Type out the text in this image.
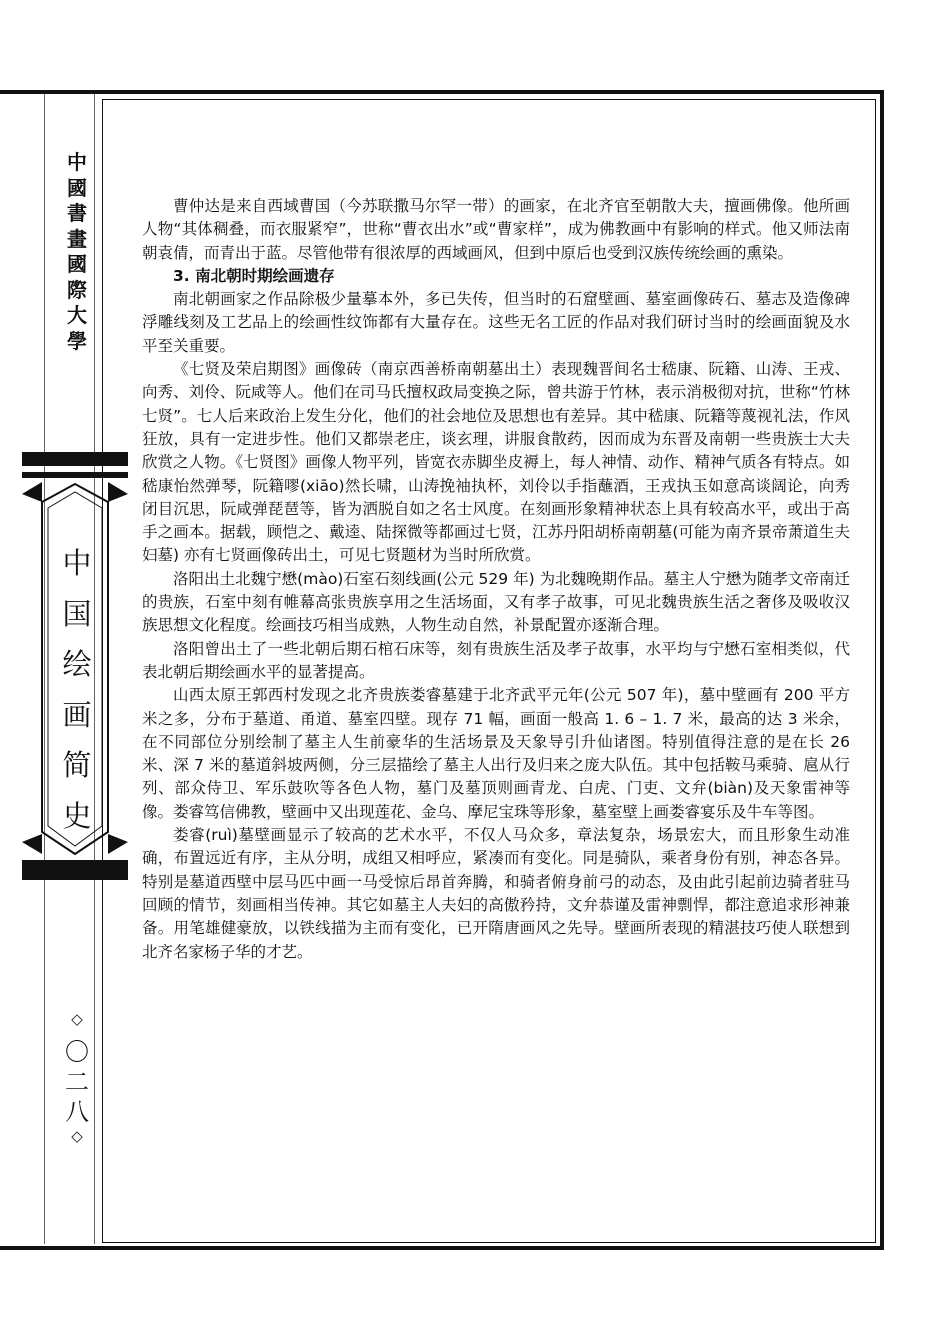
中
國
書
畫
國
際
大
學
中
国
绘
画
简
史
◇
〇
二
八
◇

曹仲达是来自西域曹国（今苏联撒马尔罕一带）的画家，在北齐官至朝散大夫，擅画佛像。他所画人物“其体稠叠，而衣服紧窄”，世称“曹衣出水”或“曹家样”，成为佛教画中有影响的样式。他又师法南朝袁倩，而青出于蓝。尽管他带有很浓厚的西域画风，但到中原后也受到汉族传统绘画的熏染。

3. 南北朝时期绘画遗存

南北朝画家之作品除极少量摹本外，多已失传，但当时的石窟壁画、墓室画像砖石、墓志及造像碑浮雕线刻及工艺品上的绘画性纹饰都有大量存在。这些无名工匠的作品对我们研讨当时的绘画面貌及水平至关重要。

《七贤及荣启期图》画像砖（南京西善桥南朝墓出土）表现魏晋间名士嵇康、阮籍、山涛、王戎、向秀、刘伶、阮咸等人。他们在司马氏擅权政局变换之际，曾共游于竹林，表示消极彻对抗，世称“竹林七贤”。七人后来政治上发生分化，他们的社会地位及思想也有差异。其中嵇康、阮籍等蔑视礼法，作风狂放，具有一定进步性。他们又都崇老庄，谈玄理，讲服食散药，因而成为东晋及南朝一些贵族士大夫欣赏之人物。《七贤图》画像人物平列，皆宽衣赤脚坐皮褥上，每人神情、动作、精神气质各有特点。如嵇康怡然弹琴，阮籍嘐(xiāo)然长啸，山涛挽袖执杯，刘伶以手指蘸酒，王戎执玉如意高谈阔论，向秀闭目沉思，阮咸弹琵琶等，皆为洒脱自如之名士风度。在刻画形象精神状态上具有较高水平，或出于高手之画本。据载，顾恺之、戴逵、陆探微等都画过七贤，江苏丹阳胡桥南朝墓(可能为南齐景帝萧道生夫妇墓) 亦有七贤画像砖出土，可见七贤题材为当时所欣赏。

洛阳出土北魏宁懋(mào)石室石刻线画(公元 529 年) 为北魏晚期作品。墓主人宁懋为随孝文帝南迁的贵族，石室中刻有帷幕高张贵族享用之生活场面，又有孝子故事，可见北魏贵族生活之奢侈及吸收汉族思想文化程度。绘画技巧相当成熟，人物生动自然，补景配置亦逐渐合理。

洛阳曾出土了一些北朝后期石棺石床等，刻有贵族生活及孝子故事，水平均与宁懋石室相类似，代表北朝后期绘画水平的显著提高。

山西太原王郭西村发现之北齐贵族娄睿墓建于北齐武平元年(公元 507 年)，墓中壁画有 200 平方米之多，分布于墓道、甬道、墓室四壁。现存 71 幅，画面一般高 1. 6 – 1. 7 米，最高的达 3 米余，在不同部位分别绘制了墓主人生前豪华的生活场景及天象导引升仙诸图。特别值得注意的是在长 26 米、深 7 米的墓道斜坡两侧，分三层描绘了墓主人出行及归来之庞大队伍。其中包括鞍马乘骑、扈从行列、部众侍卫、军乐鼓吹等各色人物，墓门及墓顶则画青龙、白虎、门吏、文弁(biàn)及天象雷神等像。娄睿笃信佛教，壁画中又出现莲花、金乌、摩尼宝珠等形象，墓室壁上画娄睿宴乐及牛车等图。

娄睿(ruì)墓壁画显示了较高的艺术水平，不仅人马众多，章法复杂，场景宏大，而且形象生动准确，布置远近有序，主从分明，成组又相呼应，紧凑而有变化。同是骑队，乘者身份有别，神态各异。特别是墓道西壁中层马匹中画一马受惊后昂首奔腾，和骑者俯身前弓的动态，及由此引起前边骑者驻马回顾的情节，刻画相当传神。其它如墓主人夫妇的高傲矜持，文弁恭谨及雷神剽悍，都注意追求形神兼备。用笔雄健豪放，以铁线描为主而有变化，已开隋唐画风之先导。壁画所表现的精湛技巧使人联想到北齐名家杨子华的才艺。
